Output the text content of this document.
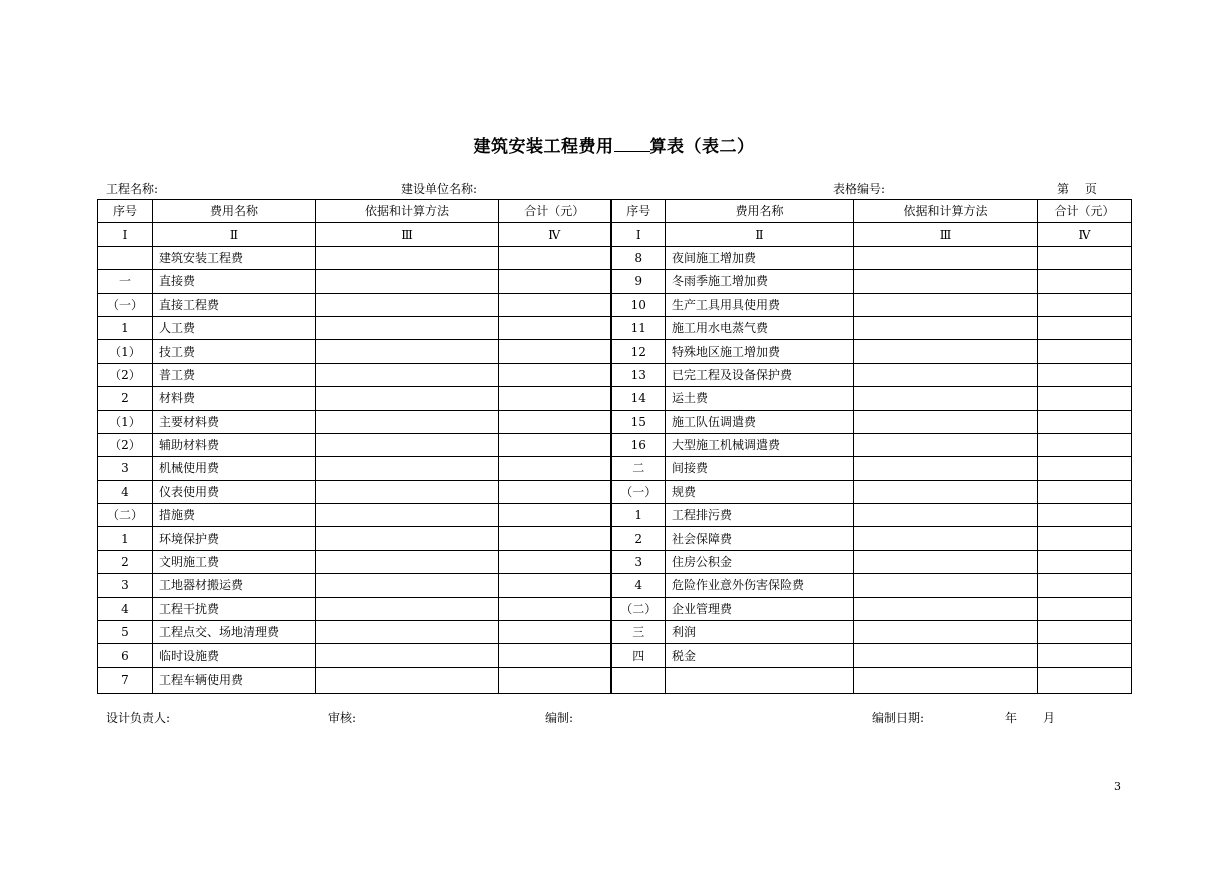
建筑安装工程费用 算表（表二）
工程名称:	建设单位名称:	表格编号:	第　 页
序号	费用名称	依据和计算方法	合计（元）	序号	费用名称	依据和计算方法	合计（元）
Ⅰ	Ⅱ	Ⅲ	Ⅳ	Ⅰ	Ⅱ	Ⅲ	Ⅳ
	建筑安装工程费			8	夜间施工增加费		
一	直接费			9	冬雨季施工增加费		
（一）	直接工程费			10	生产工具用具使用费		
1	人工费			11	施工用水电蒸气费		
（1）	技工费			12	特殊地区施工增加费		
（2）	普工费			13	已完工程及设备保护费		
2	材料费			14	运土费		
（1）	主要材料费			15	施工队伍调遣费		
（2）	辅助材料费			16	大型施工机械调遣费		
3	机械使用费			二	间接费		
4	仪表使用费			（一）	规费		
（二）	措施费			1	工程排污费		
1	环境保护费			2	社会保障费		
2	文明施工费			3	住房公积金		
3	工地器材搬运费			4	危险作业意外伤害保险费		
4	工程干扰费			（二）	企业管理费		
5	工程点交、场地清理费			三	利润		
6	临时设施费			四	税金		
7	工程车辆使用费						
设计负责人:	审核:	编制:	编制日期:	年 月
3
